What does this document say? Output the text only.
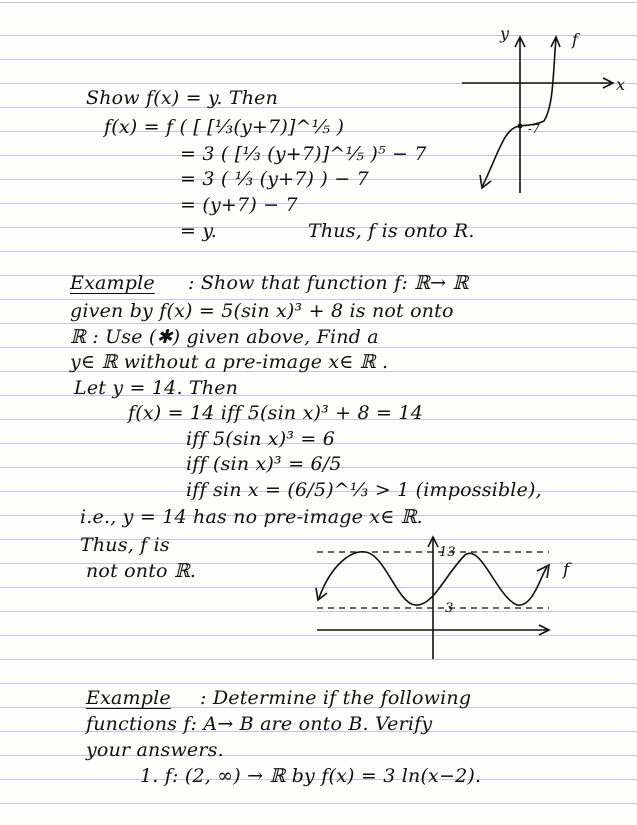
Show f(x) = y. Then
f(x) = f ( [ [⅓(y+7)]^⅕ )
= 3 ( [⅓ (y+7)]^⅕ )⁵ − 7
= 3 ( ⅓ (y+7) ) − 7
= (y+7) − 7
= y.	Thus, f is onto R.
y	f
x
-7
Example : Show that function f: ℝ→ ℝ
given by f(x) = 5(sin x)³ + 8 is not onto
ℝ : Use (✱) given above, Find a
y∈ ℝ without a pre-image x∈ ℝ .
Let y = 14. Then
f(x) = 14 iff 5(sin x)³ + 8 = 14
iff 5(sin x)³ = 6
iff (sin x)³ = 6/5
iff sin x = (6/5)^⅓ > 1 (impossible),
i.e., y = 14 has no pre-image x∈ ℝ.
Thus, f is
not onto ℝ.
13
3
f
Example : Determine if the following
functions f: A→ B are onto B. Verify
your answers.
1. f: (2, ∞) → ℝ by f(x) = 3 ln(x−2).
